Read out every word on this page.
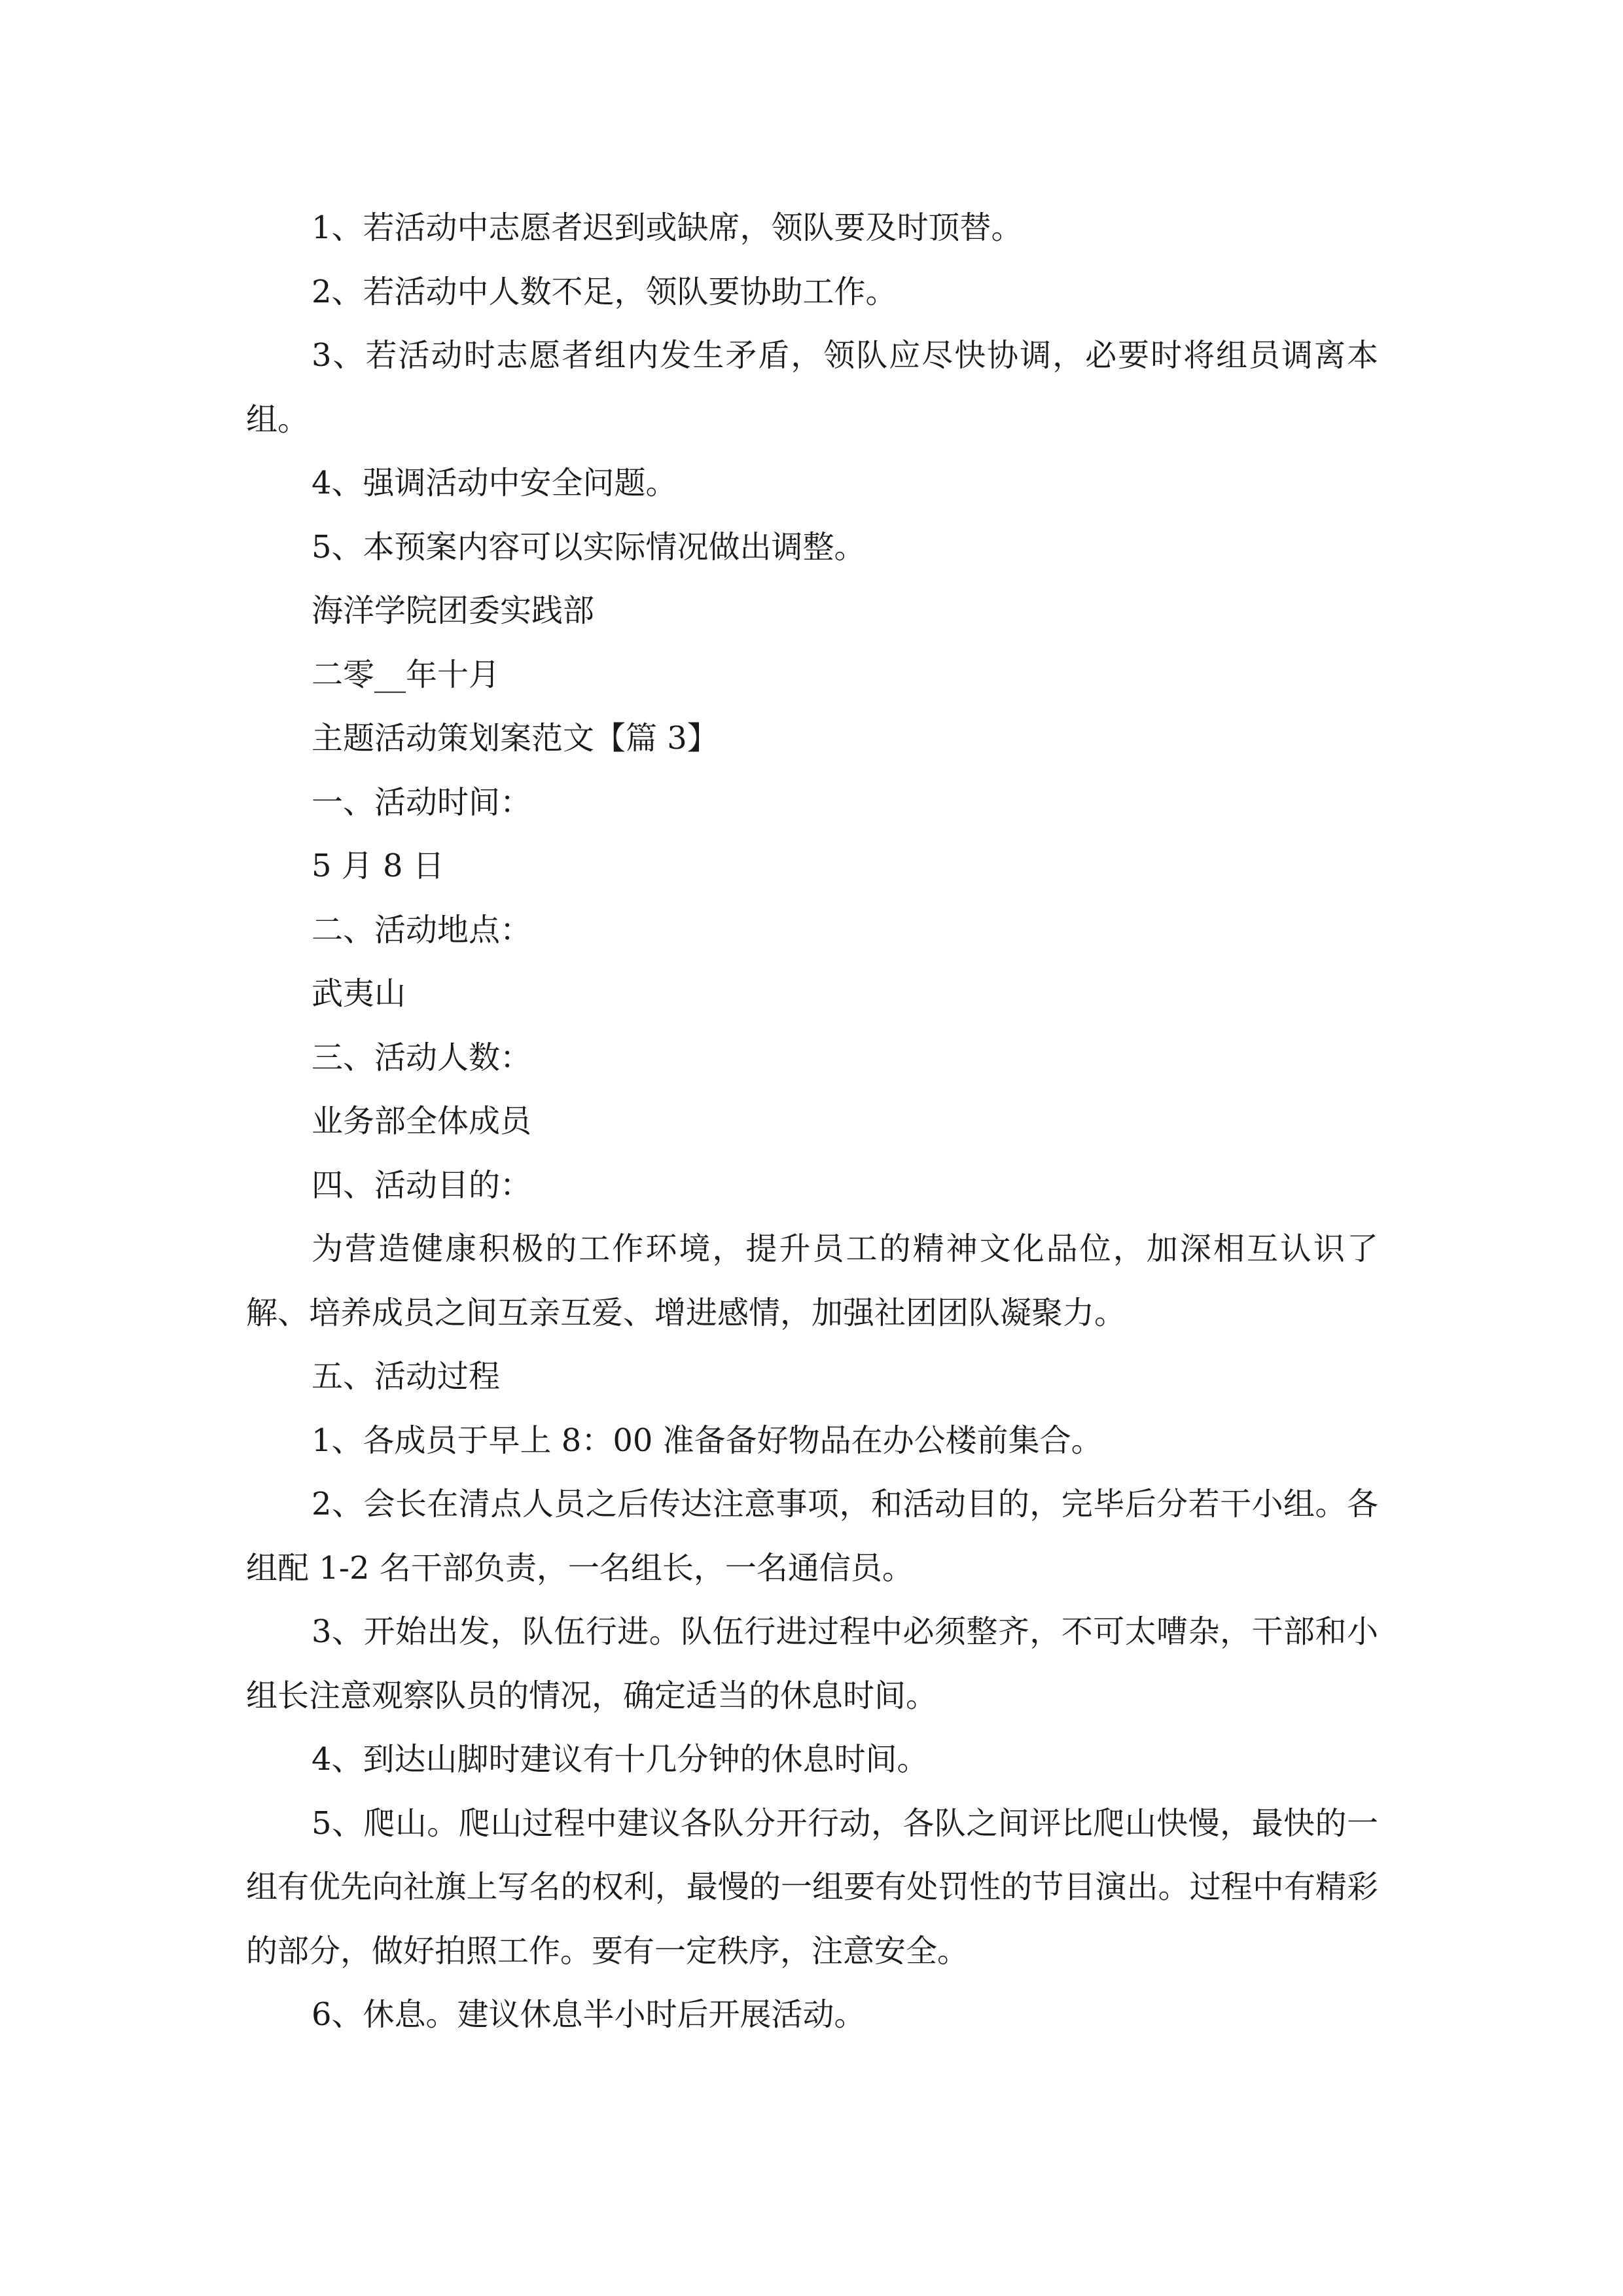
1、若活动中志愿者迟到或缺席，领队要及时顶替。

2、若活动中人数不足，领队要协助工作。

3、若活动时志愿者组内发生矛盾，领队应尽快协调，必要时将组员调离本组。

4、强调活动中安全问题。

5、本预案内容可以实际情况做出调整。

海洋学院团委实践部

二零__年十月

主题活动策划案范文【篇 3】

一、活动时间：

5 月 8 日

二、活动地点：

武夷山

三、活动人数：

业务部全体成员

四、活动目的：

为营造健康积极的工作环境，提升员工的精神文化品位，加深相互认识了解、培养成员之间互亲互爱、增进感情，加强社团团队凝聚力。

五、活动过程

1、各成员于早上 8：00 准备备好物品在办公楼前集合。

2、会长在清点人员之后传达注意事项，和活动目的，完毕后分若干小组。各组配 1-2 名干部负责，一名组长，一名通信员。

3、开始出发，队伍行进。队伍行进过程中必须整齐，不可太嘈杂，干部和小组长注意观察队员的情况，确定适当的休息时间。

4、到达山脚时建议有十几分钟的休息时间。

5、爬山。爬山过程中建议各队分开行动，各队之间评比爬山快慢，最快的一组有优先向社旗上写名的权利，最慢的一组要有处罚性的节目演出。过程中有精彩的部分，做好拍照工作。要有一定秩序，注意安全。

6、休息。建议休息半小时后开展活动。
